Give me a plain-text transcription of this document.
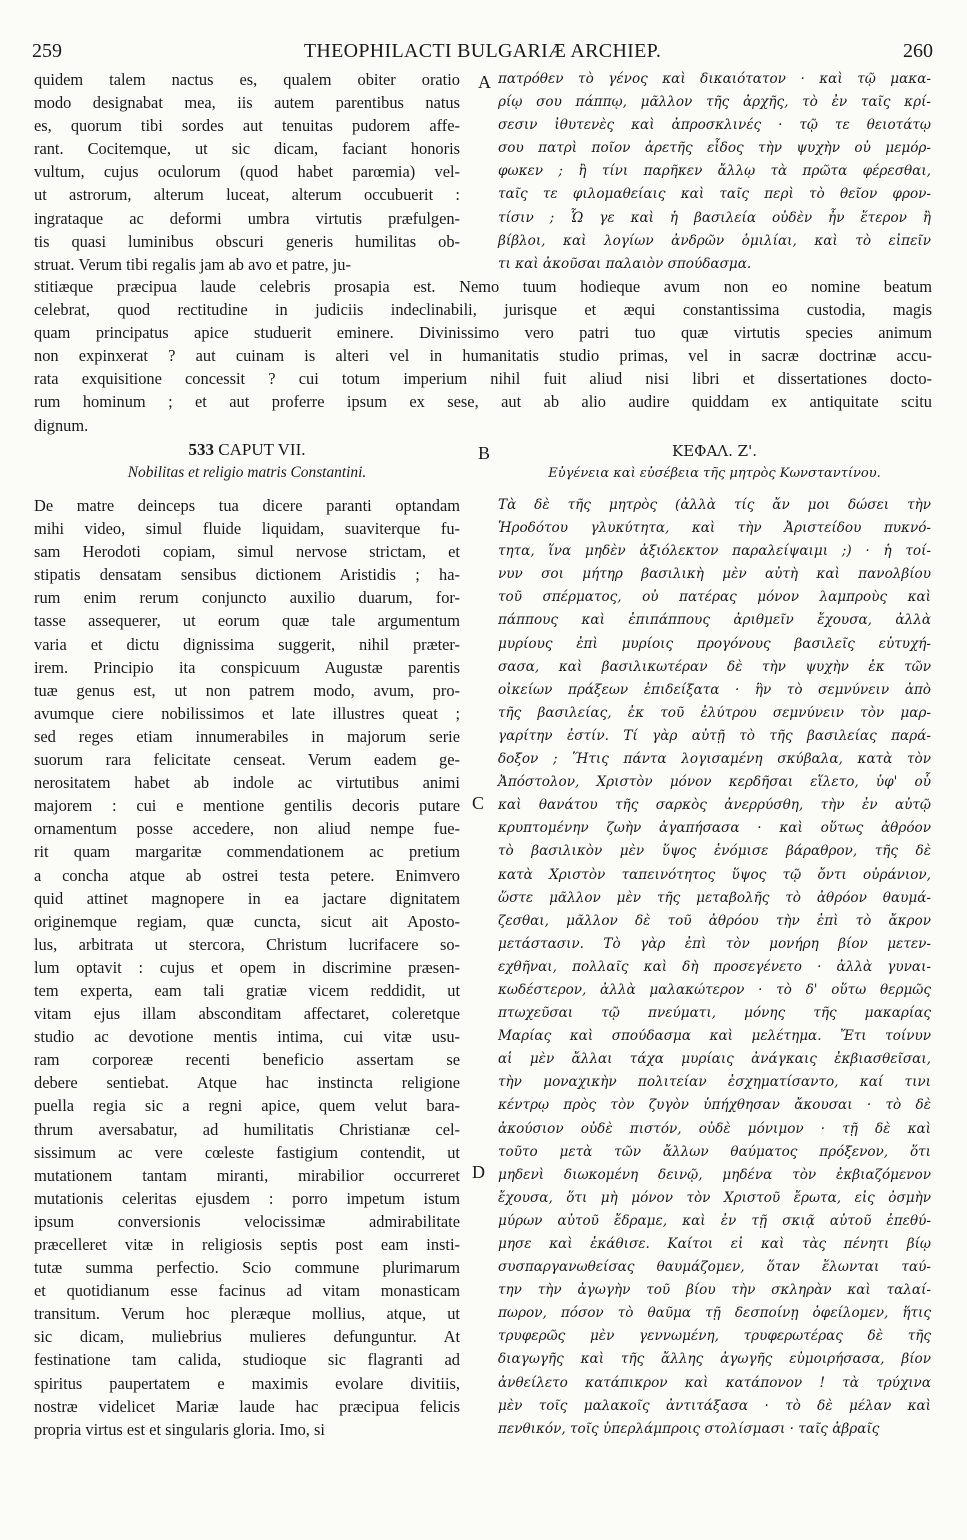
259	THEOPHILACTI BULGARIÆ ARCHIEP.	260
quidem talem nactus es, qualem obiter oratio
modo designabat mea, iis autem parentibus natus
es, quorum tibi sordes aut tenuitas pudorem affe-
rant. Cocitemque, ut sic dicam, faciant honoris
vultum, cujus oculorum (quod habet parœmia) vel-
ut astrorum, alterum luceat, alterum occubuerit :
ingrataque ac deformi umbra virtutis præfulgen-
tis quasi luminibus obscuri generis humilitas ob-
struat. Verum tibi regalis jam ab avo et patre, ju-
A πατρόθεν τὸ γένος καὶ δικαιότατον · καὶ τῷ μακα-
ρίῳ σου πάππῳ, μᾶλλον τῆς ἀρχῆς, τὸ ἐν ταῖς κρί-
σεσιν ἰθυτενὲς καὶ ἀπροσκλινές · τῷ τε θειοτάτῳ
σου πατρὶ ποῖον ἀρετῆς εἶδος τὴν ψυχὴν οὐ μεμόρ-
φωκεν ; ἢ τίνι παρῆκεν ἄλλῳ τὰ πρῶτα φέρεσθαι,
ταῖς τε φιλομαθείαις καὶ ταῖς περὶ τὸ θεῖον φρον-
τίσιν ; Ὧ γε καὶ ἡ βασιλεία οὐδὲν ἦν ἕτερον ἢ
βίβλοι, καὶ λογίων ἀνδρῶν ὁμιλίαι, καὶ τὸ εἰπεῖν
τι καὶ ἀκοῦσαι παλαιὸν σπούδασμα.
stitiæque præcipua laude celebris prosapia est. Nemo tuum hodieque avum non eo nomine beatum
celebrat, quod rectitudine in judiciis indeclinabili, jurisque et æqui constantissima custodia, magis
quam principatus apice studuerit eminere. Divinissimo vero patri tuo quæ virtutis species animum
non expinxerat ? aut cuinam is alteri vel in humanitatis studio primas, vel in sacræ doctrinæ accu-
rata exquisitione concessit ? cui totum imperium nihil fuit aliud nisi libri et dissertationes docto-
rum hominum ; et aut proferre ipsum ex sese, aut ab alio audire quiddam ex antiquitate scitu
dignum.
533 CAPUT VII.
Nobilitas et religio matris Constantini.
B	ΚΕΦΑΛ. Ζ'.
Εὐγένεια καὶ εὐσέβεια τῆς μητρὸς Κωνσταντίνου.
De matre deinceps tua dicere paranti optandam
mihi video, simul fluide liquidam, suaviterque fu-
sam Herodoti copiam, simul nervose strictam, et
stipatis densatam sensibus dictionem Aristidis ; ha-
rum enim rerum conjuncto auxilio duarum, for-
tasse assequerer, ut eorum quæ tale argumentum
varia et dictu dignissima suggerit, nihil præter-
irem. Principio ita conspicuum Augustæ parentis
tuæ genus est, ut non patrem modo, avum, pro-
avumque ciere nobilissimos et late illustres queat ;
sed reges etiam innumerabiles in majorum serie
suorum rara felicitate censeat. Verum eadem ge-
nerositatem habet ab indole ac virtutibus animi
majorem : cui e mentione gentilis decoris putare
ornamentum posse accedere, non aliud nempe fue-
rit quam margaritæ commendationem ac pretium
a concha atque ab ostrei testa petere. Enimvero
quid attinet magnopere in ea jactare dignitatem
originemque regiam, quæ cuncta, sicut ait Aposto-
lus, arbitrata ut stercora, Christum lucrifacere so-
lum optavit : cujus et opem in discrimine præsen-
tem experta, eam tali gratiæ vicem reddidit, ut
vitam ejus illam absconditam affectaret, coleretque
studio ac devotione mentis intima, cui vitæ usu-
ram corporeæ recenti beneficio assertam se
debere sentiebat. Atque hac instincta religione
puella regia sic a regni apice, quem velut bara-
thrum aversabatur, ad humilitatis Christianæ cel-
sissimum ac vere cœleste fastigium contendit, ut
mutationem tantam miranti, mirabilior occurreret
mutationis celeritas ejusdem : porro impetum istum
ipsum conversionis velocissimæ admirabilitate
præcelleret vitæ in religiosis septis post eam insti-
tutæ summa perfectio. Scio commune plurimarum
et quotidianum esse facinus ad vitam monasticam
transitum. Verum hoc pleræque mollius, atque, ut
sic dicam, muliebrius mulieres defunguntur. At
festinatione tam calida, studioque sic flagranti ad
spiritus paupertatem e maximis evolare divitiis,
nostræ videlicet Mariæ laude hac præcipua felicis
propria virtus est et singularis gloria. Imo, si
C
D
Τὰ δὲ τῆς μητρὸς (ἀλλὰ τίς ἄν μοι δώσει τὴν
Ἡροδότου γλυκύτητα, καὶ τὴν Ἀριστείδου πυκνό-
τητα, ἵνα μηδὲν ἀξιόλεκτον παραλείψαιμι ;) · ἡ τοί-
νυν σοι μήτηρ βασιλικὴ μὲν αὐτὴ καὶ πανολβίου
τοῦ σπέρματος, οὐ πατέρας μόνον λαμπροὺς καὶ
πάππους καὶ ἐπιπάππους ἀριθμεῖν ἔχουσα, ἀλλὰ
μυρίους ἐπὶ μυρίοις προγόνους βασιλεῖς εὐτυχή-
σασα, καὶ βασιλικωτέραν δὲ τὴν ψυχὴν ἐκ τῶν
οἰκείων πράξεων ἐπιδείξατα · ἣν τὸ σεμνύνειν ἀπὸ
τῆς βασιλείας, ἐκ τοῦ ἐλύτρου σεμνύνειν τὸν μαρ-
γαρίτην ἐστίν. Τί γὰρ αὐτῇ τὸ τῆς βασιλείας παρά-
δοξον ; Ἥτις πάντα λογισαμένη σκύβαλα, κατὰ τὸν
Ἀπόστολον, Χριστὸν μόνον κερδῆσαι εἵλετο, ὑφ' οὗ
καὶ θανάτου τῆς σαρκὸς ἀνερρύσθη, τὴν ἐν αὐτῷ
κρυπτομένην ζωὴν ἀγαπήσασα · καὶ οὕτως ἀθρόον
τὸ βασιλικὸν μὲν ὕψος ἐνόμισε βάραθρον, τῆς δὲ
κατὰ Χριστὸν ταπεινότητος ὕψος τῷ ὄντι οὐράνιον,
ὥστε μᾶλλον μὲν τῆς μεταβολῆς τὸ ἀθρόον θαυμά-
ζεσθαι, μᾶλλον δὲ τοῦ ἀθρόου τὴν ἐπὶ τὸ ἄκρον
μετάστασιν. Τὸ γὰρ ἐπὶ τὸν μονήρη βίον μετεν-
εχθῆναι, πολλαῖς καὶ δὴ προσεγένετο · ἀλλὰ γυναι-
κωδέστερον, ἀλλὰ μαλακώτερον · τὸ δ' οὕτω θερμῶς
πτωχεῦσαι τῷ πνεύματι, μόνης τῆς μακαρίας
Μαρίας καὶ σπούδασμα καὶ μελέτημα. Ἔτι τοίνυν
αἱ μὲν ἄλλαι τάχα μυρίαις ἀνάγκαις ἐκβιασθεῖσαι,
τὴν μοναχικὴν πολιτείαν ἐσχηματίσαντο, καί τινι
κέντρῳ πρὸς τὸν ζυγὸν ὑπήχθησαν ἄκουσαι · τὸ δὲ
ἀκούσιον οὐδὲ πιστόν, οὐδὲ μόνιμον · τῇ δὲ καὶ
τοῦτο μετὰ τῶν ἄλλων θαύματος πρόξενον, ὅτι
μηδενὶ διωκομένη δεινῷ, μηδένα τὸν ἐκβιαζόμενον
ἔχουσα, ὅτι μὴ μόνον τὸν Χριστοῦ ἔρωτα, εἰς ὀσμὴν
μύρων αὐτοῦ ἔδραμε, καὶ ἐν τῇ σκιᾷ αὐτοῦ ἐπεθύ-
μησε καὶ ἐκάθισε. Καίτοι εἰ καὶ τὰς πένητι βίῳ
συσπαργανωθείσας θαυμάζομεν, ὅταν ἕλωνται ταύ-
την τὴν ἀγωγὴν τοῦ βίου τὴν σκληρὰν καὶ ταλαί-
πωρον, πόσον τὸ θαῦμα τῇ δεσποίνῃ ὀφείλομεν, ἥτις
τρυφερῶς μὲν γεννωμένη, τρυφερωτέρας δὲ τῆς
διαγωγῆς καὶ τῆς ἄλλης ἀγωγῆς εὐμοιρήσασα, βίον
ἀνθείλετο κατάπικρον καὶ κατάπονον ! τὰ τρύχινα
μὲν τοῖς μαλακοῖς ἀντιτάξασα · τὸ δὲ μέλαν καὶ
πενθικόν, τοῖς ὑπερλάμπροις στολίσμασι · ταῖς ἁβραῖς
